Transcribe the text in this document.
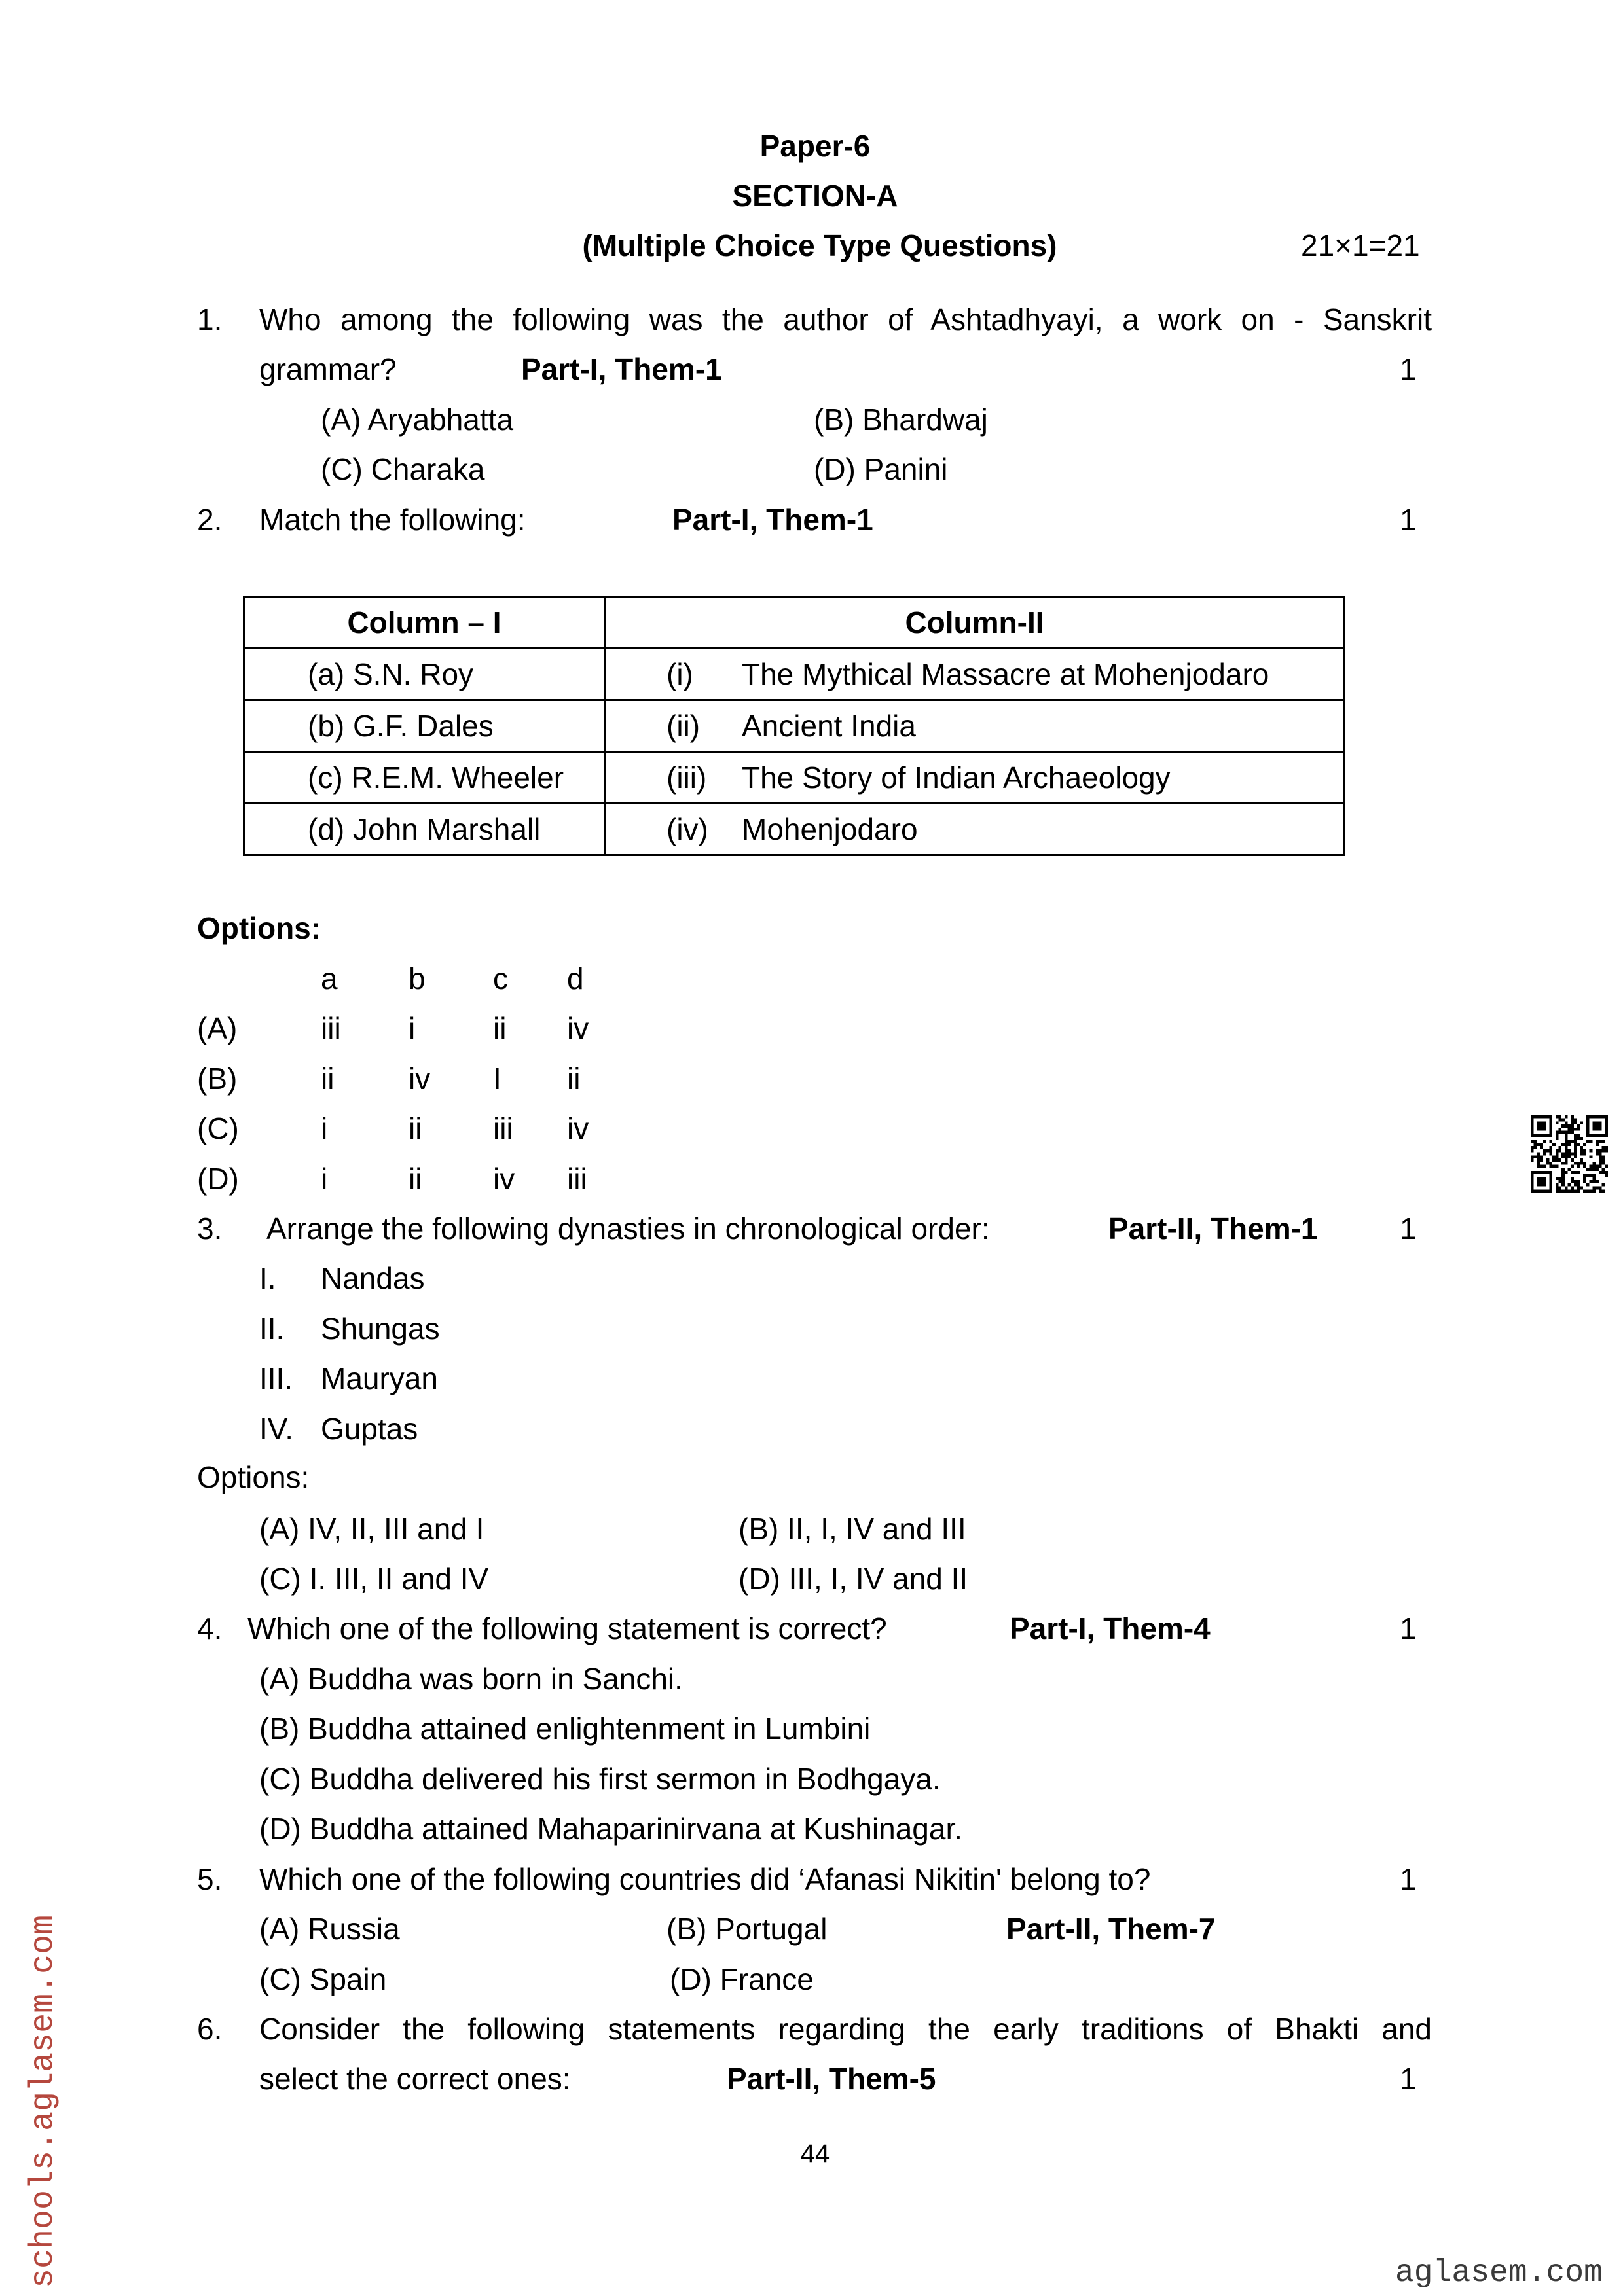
Paper-6
SECTION-A
(Multiple Choice Type Questions)	21×1=21
1. Who among the following was the author of Ashtadhyayi, a work on - Sanskrit
grammar?	Part-I, Them-1	1
(A) Aryabhatta	(B) Bhardwaj
(C) Charaka	(D) Panini
2. Match the following:	Part-I, Them-1	1
Column – I	Column-II
(a) S.N. Roy	(i) The Mythical Massacre at Mohenjodaro
(b) G.F. Dales	(ii) Ancient India
(c) R.E.M. Wheeler	(iii) The Story of Indian Archaeology
(d) John Marshall	(iv) Mohenjodaro
Options:
a b c d
(A)	iii i	ii iv
(B)	ii iv I ii
(C)	i	ii iii iv
(D)	i	ii iv iii
3. Arrange the following dynasties in chronological order:	Part-II, Them-1	1
I. Nandas
II. Shungas
III. Mauryan
IV. Guptas
Options:
(A) IV, II, III and I	(B) II, I, IV and III
(C) I. III, II and IV	(D) III, I, IV and II
4. Which one of the following statement is correct?	Part-I, Them-4	1
(A) Buddha was born in Sanchi.
(B) Buddha attained enlightenment in Lumbini
(C) Buddha delivered his first sermon in Bodhgaya.
(D) Buddha attained Mahaparinirvana at Kushinagar.
5. Which one of the following countries did ‘Afanasi Nikitin' belong to?	1
(A) Russia	(B) Portugal	Part-II, Them-7
(C) Spain	(D) France
6. Consider the following statements regarding the early traditions of Bhakti and
select the correct ones:	Part-II, Them-5	1
44
schools.aglasem.com	aglasem.com
